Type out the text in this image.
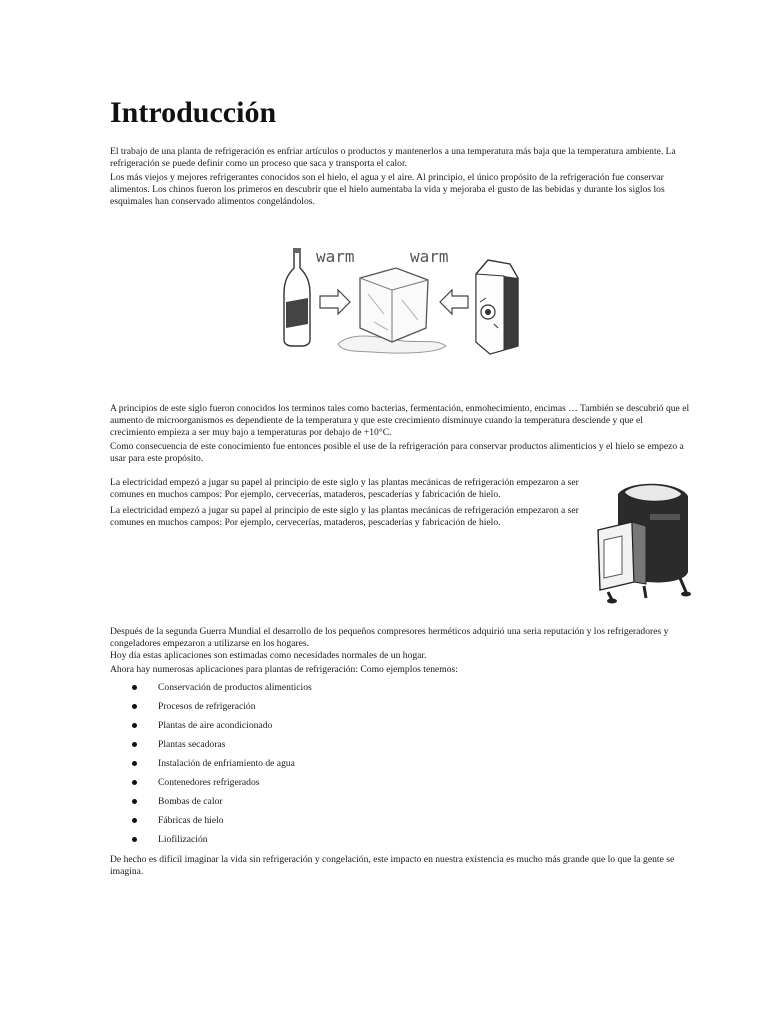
Introducción

El trabajo de una planta de refrigeración es enfriar artículos o productos y mantenerlos a una temperatura más baja que la temperatura ambiente. La refrigeración se puede definir como un proceso que saca y transporta el calor.

Los más viejos y mejores refrigerantes conocidos son el hielo, el agua y el aire. Al principio, el único propósito de la refrigeración fue conservar alimentos. Los chinos fueron los primeros en descubrir que el hielo aumentaba la vida y mejoraba el gusto de las bebidas y durante los siglos los esquimales han conservado alimentos congelándolos.

warm	warm

A principios de este siglo fueron conocidos los terminos tales como bacterias, fermentación, enmohecimiento, encimas … También se descubrió que el aumento de microorganismos es dependiente de la temperatura y que este crecimiento disminuye cuando la temperatura desciende y que el crecimiento empieza a ser muy bajo a temperaturas por debajo de +10°C.

Como consecuencia de este conocimiento fue entonces posible el use de la refrigeración para conservar productos alimenticios y el hielo se empezo a usar para este propósito.

La electricidad empezó a jugar su papel al principio de este siglo y las plantas mecánicas de refrigeración empezaron a ser comunes en muchos campos: Por ejemplo, cervecerías, mataderos, pescaderías y fabricación de hielo.

La electricidad empezó a jugar su papel al principio de este siglo y las plantas mecánicas de refrigeración empezaron a ser comunes en muchos campos: Por ejemplo, cervecerías, mataderos, pescaderías y fabricación de hielo.

Después de la segunda Guerra Mundial el desarrollo de los pequeños compresores herméticos adquirió una seria reputación y los refrigeradores y congeladores empezaron a utilizarse en los hogares.

Hoy día estas aplicaciones son estimadas como necesidades normales de un hogar.

Ahora hay numerosas aplicaciones para plantas de refrigeración: Como ejemplos tenemos:

Conservación de productos alimenticios
Procesos de refrigeración
Plantas de aire acondicionado
Plantas secadoras
Instalación de enfriamiento de agua
Contenedores refrigerados
Bombas de calor
Fábricas de hielo
Liofilización

De hecho es difícil imaginar la vida sin refrigeración y congelación, este impacto en nuestra existencia es mucho más grande que lo que la gente se imagina.
